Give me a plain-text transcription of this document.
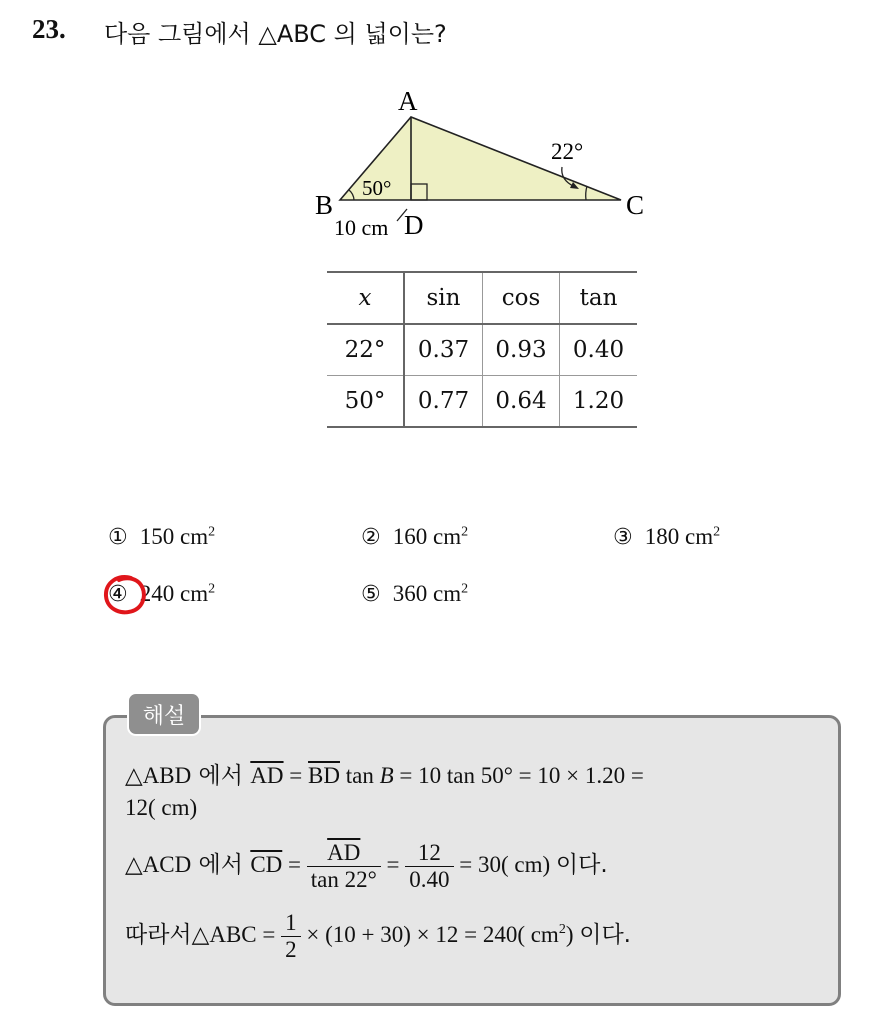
23. 다음 그림에서 △ABC 의 넓이는?
A
B	C
D
50°
22°
10 cm
x	sin	cos	tan
22°	0.37	0.93	0.40
50°	0.77	0.64	1.20
① 150 $cm^2$	② 160 $cm^2$	③ 180 $cm^2$
④ 240 $cm^2$	⑤ 360 $cm^2$
해설
△ABD 에서 $\overline{AD} = \overline{BD}$ tan B = 10 tan 50° = 10 × 1.20 =
12( cm)
△ACD 에서 $\overline{CD} = \frac{\overline{AD}}{\tan 22^\circ} = \frac{12}{0.40} = 30$( cm) 이다.
따라서△ABC = $\frac{1}{2} \times (10 + 30) \times 12 = 240$( $cm^2$) 이다.
